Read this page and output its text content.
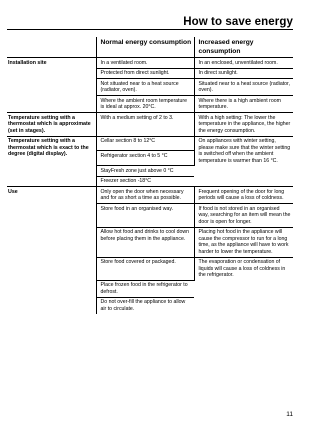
How to save energy
	Normal energy consumption	Increased energy consumption
Installation site	In a ventilated room.	In an enclosed, unventilated room.
	Protected from direct sunlight.	In direct sunlight.
	Not situated near to a heat source (radiator, oven).	Situated near to a heat source (radiator, oven).
	Where the ambient room temperature is ideal at approx. 20°C.	Where there is a high ambient room temperature.
Temperature setting with a thermostat which is approximate (set in stages).	With a medium setting of 2 to 3.	With a high setting: The lower the temperature in the appliance, the higher the energy consumption.
Temperature setting with a thermostat which is exact to the degree (digital display).	Cellar section 8 to 12°C	On appliances with winter setting, please make sure that the winter setting is switched off when the ambient temperature is warmer than 16 °C.
	Refrigerator section 4 to 5 °C	
	StayFresh zone just above 0 °C	
	Freezer section -18°C	
Use	Only open the door when necessary and for as short a time as possible.	Frequent opening of the door for long periods will cause a loss of coldness.
	Store food in an organised way.	If food is not stored in an organised way, searching for an item will mean the door is open for longer.
	Allow hot food and drinks to cool down before placing them in the appliance.	Placing hot food in the appliance will cause the compressor to run for a long time, as the appliance will have to work harder to lower the temperature.
	Store food covered or packaged.	The evaporation or condensation of liquids will cause a loss of coldness in the refrigerator.
	Place frozen food in the refrigerator to defrost.	
	Do not over-fill the appliance to allow air to circulate.	
11
